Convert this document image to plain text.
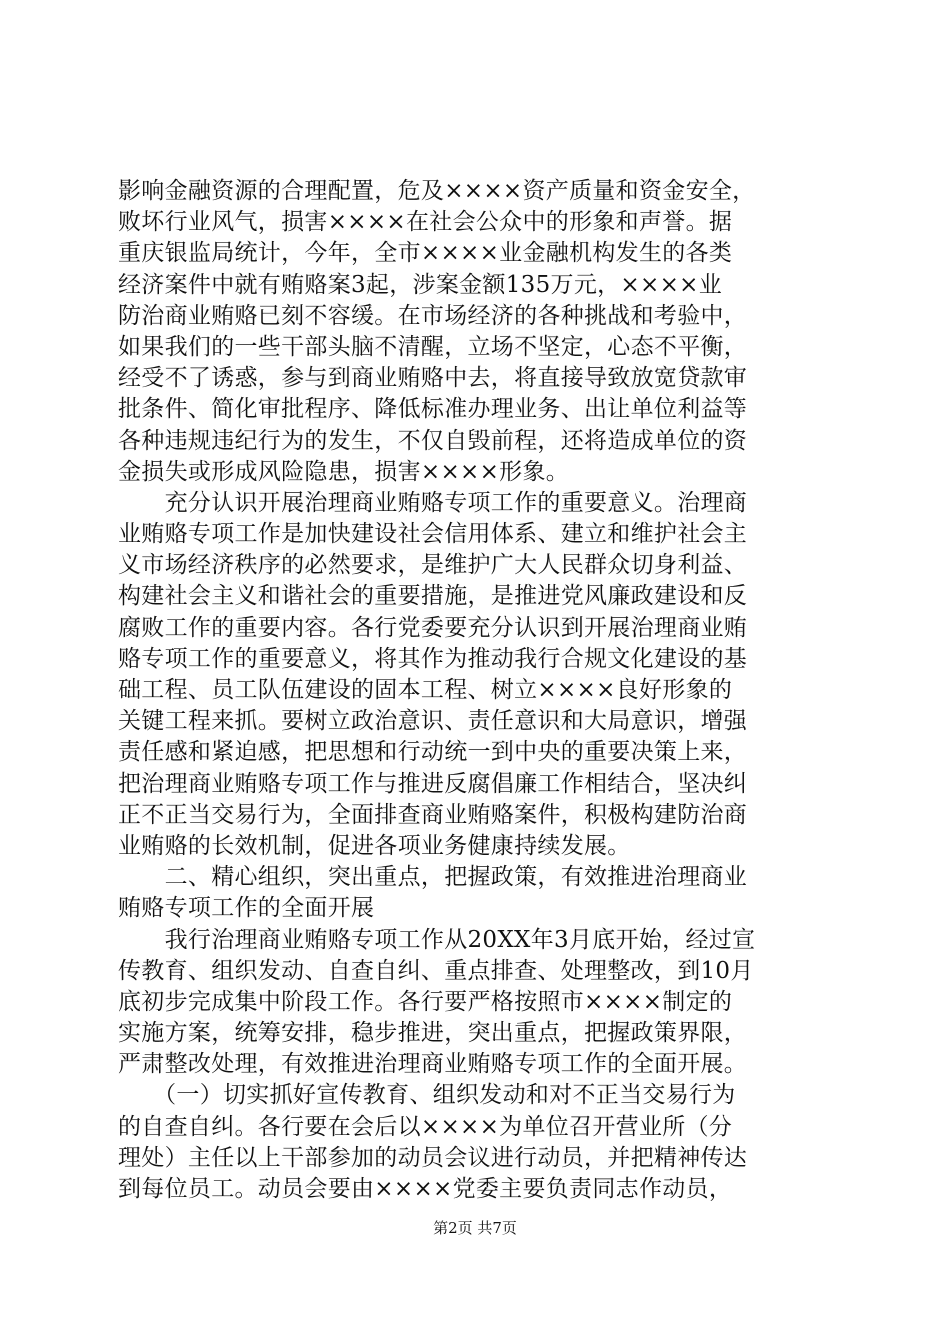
影响金融资源的合理配置，危及××××资产质量和资金安全，
败坏行业风气，损害××××在社会公众中的形象和声誉。据
重庆银监局统计，今年，全市××××业金融机构发生的各类
经济案件中就有贿赂案3起，涉案金额135万元，××××业
防治商业贿赂已刻不容缓。在市场经济的各种挑战和考验中，
如果我们的一些干部头脑不清醒，立场不坚定，心态不平衡，
经受不了诱惑，参与到商业贿赂中去，将直接导致放宽贷款审
批条件、简化审批程序、降低标准办理业务、出让单位利益等
各种违规违纪行为的发生，不仅自毁前程，还将造成单位的资
金损失或形成风险隐患，损害××××形象。
　　充分认识开展治理商业贿赂专项工作的重要意义。治理商
业贿赂专项工作是加快建设社会信用体系、建立和维护社会主
义市场经济秩序的必然要求，是维护广大人民群众切身利益、
构建社会主义和谐社会的重要措施，是推进党风廉政建设和反
腐败工作的重要内容。各行党委要充分认识到开展治理商业贿
赂专项工作的重要意义，将其作为推动我行合规文化建设的基
础工程、员工队伍建设的固本工程、树立××××良好形象的
关键工程来抓。要树立政治意识、责任意识和大局意识，增强
责任感和紧迫感，把思想和行动统一到中央的重要决策上来，
把治理商业贿赂专项工作与推进反腐倡廉工作相结合，坚决纠
正不正当交易行为，全面排查商业贿赂案件，积极构建防治商
业贿赂的长效机制，促进各项业务健康持续发展。
　　二、精心组织，突出重点，把握政策，有效推进治理商业
贿赂专项工作的全面开展
　　我行治理商业贿赂专项工作从20XX年3月底开始，经过宣
传教育、组织发动、自查自纠、重点排查、处理整改，到10月
底初步完成集中阶段工作。各行要严格按照市××××制定的
实施方案，统筹安排，稳步推进，突出重点，把握政策界限，
严肃整改处理，有效推进治理商业贿赂专项工作的全面开展。
　　（一）切实抓好宣传教育、组织发动和对不正当交易行为
的自查自纠。各行要在会后以××××为单位召开营业所（分
理处）主任以上干部参加的动员会议进行动员，并把精神传达
到每位员工。动员会要由××××党委主要负责同志作动员，
第2页 共7页
